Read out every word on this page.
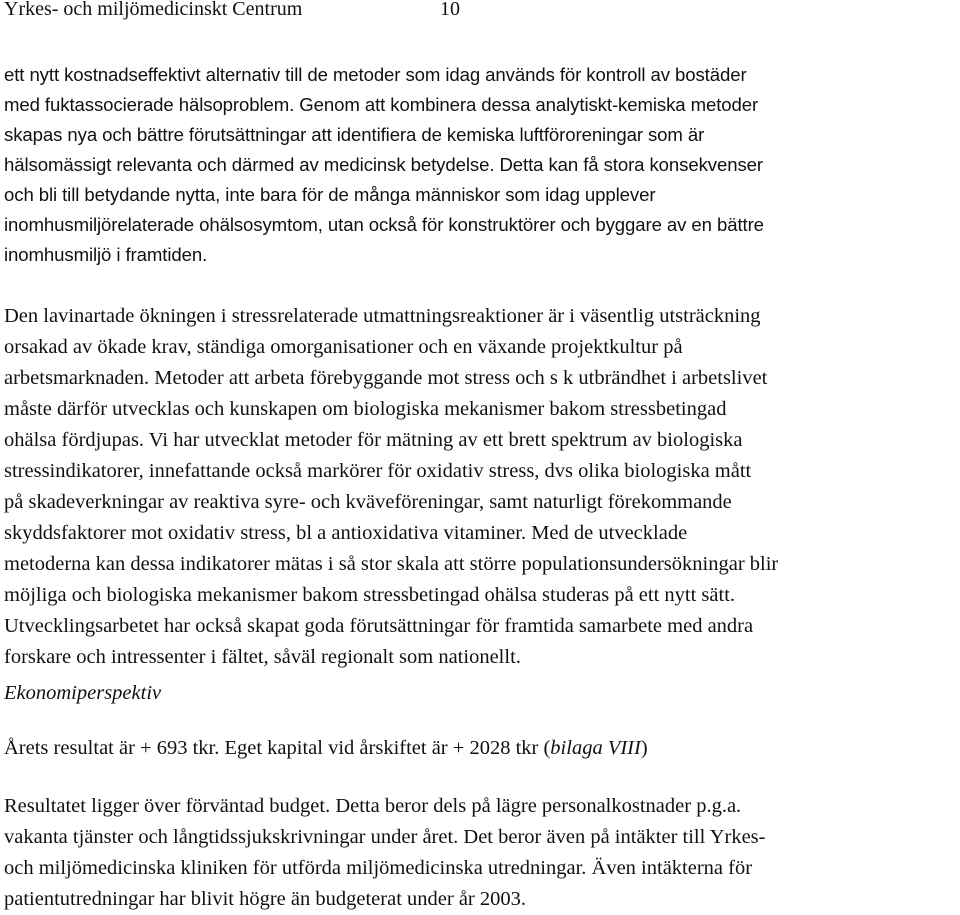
Yrkes- och miljömedicinskt Centrum	10
ett nytt kostnadseffektivt alternativ till de metoder som idag används för kontroll av bostäder
med fuktassocierade hälsoproblem. Genom att kombinera dessa analytiskt-kemiska metoder
skapas nya och bättre förutsättningar att identifiera de kemiska luftföroreningar som är
hälsomässigt relevanta och därmed av medicinsk betydelse. Detta kan få stora konsekvenser
och bli till betydande nytta, inte bara för de många människor som idag upplever
inomhusmiljörelaterade ohälsosymtom, utan också för konstruktörer och byggare av en bättre
inomhusmiljö i framtiden.
Den lavinartade ökningen i stressrelaterade utmattningsreaktioner är i väsentlig utsträckning
orsakad av ökade krav, ständiga omorganisationer och en växande projektkultur på
arbetsmarknaden. Metoder att arbeta förebyggande mot stress och s k utbrändhet i arbetslivet
måste därför utvecklas och kunskapen om biologiska mekanismer bakom stressbetingad
ohälsa fördjupas. Vi har utvecklat metoder för mätning av ett brett spektrum av biologiska
stressindikatorer, innefattande också markörer för oxidativ stress, dvs olika biologiska mått
på skadeverkningar av reaktiva syre- och kväveföreningar, samt naturligt förekommande
skyddsfaktorer mot oxidativ stress, bl a antioxidativa vitaminer. Med de utvecklade
metoderna kan dessa indikatorer mätas i så stor skala att större populationsundersökningar blir
möjliga och biologiska mekanismer bakom stressbetingad ohälsa studeras på ett nytt sätt.
Utvecklingsarbetet har också skapat goda förutsättningar för framtida samarbete med andra
forskare och intressenter i fältet, såväl regionalt som nationellt.
Ekonomiperspektiv
Årets resultat är + 693 tkr. Eget kapital vid årskiftet är + 2028 tkr (bilaga VIII)
Resultatet ligger över förväntad budget. Detta beror dels på lägre personalkostnader p.g.a.
vakanta tjänster och långtidssjukskrivningar under året. Det beror även på intäkter till Yrkes-
och miljömedicinska kliniken för utförda miljömedicinska utredningar. Även intäkterna för
patientutredningar har blivit högre än budgeterat under år 2003.
